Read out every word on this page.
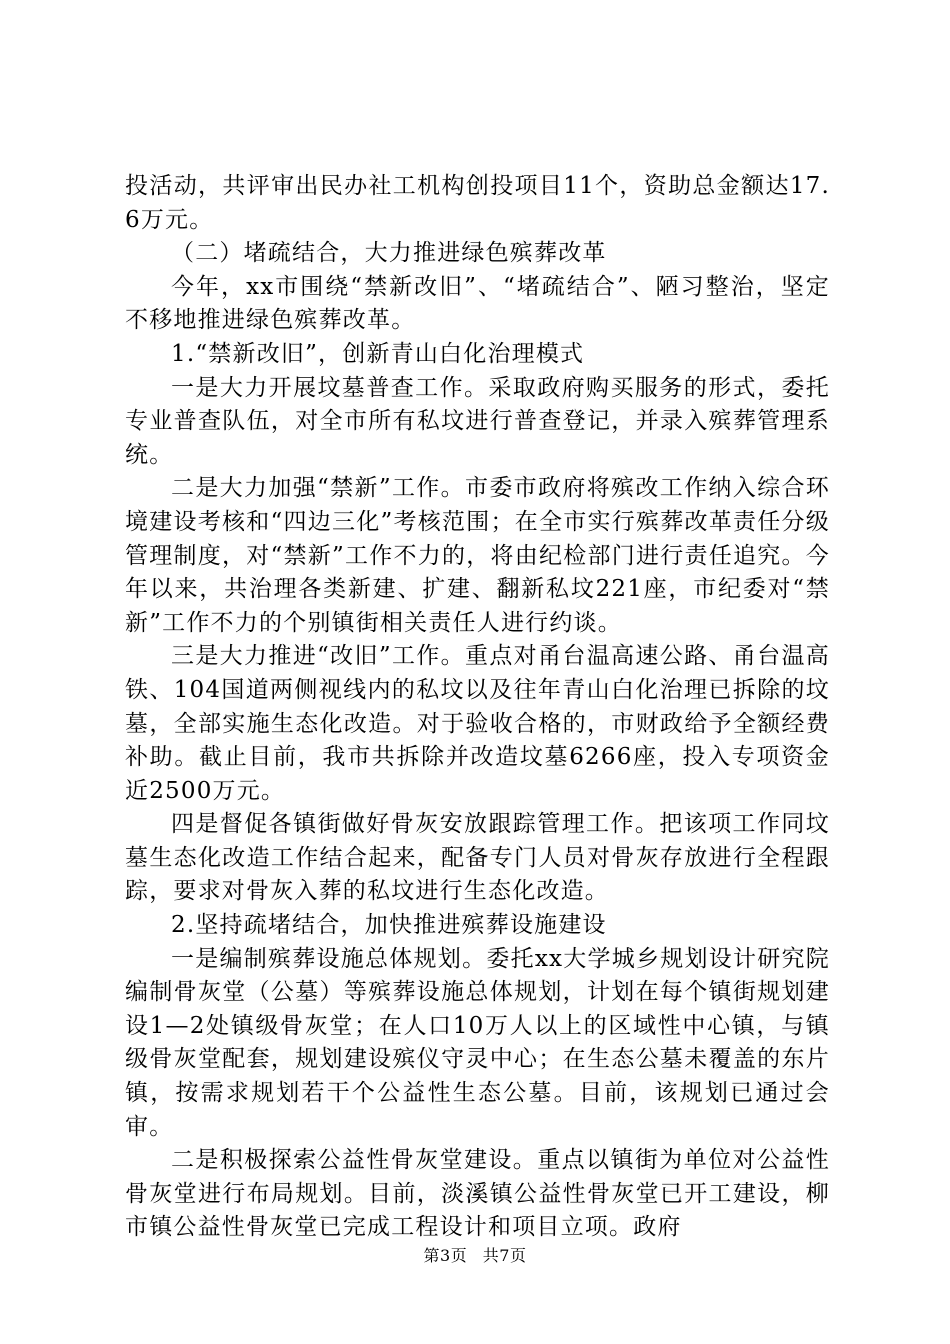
投活动，共评审出民办社工机构创投项目11个，资助总金额达17.6万元。

（二）堵疏结合，大力推进绿色殡葬改革

今年，xx市围绕“禁新改旧”、“堵疏结合”、陋习整治，坚定不移地推进绿色殡葬改革。

1.“禁新改旧”，创新青山白化治理模式

一是大力开展坟墓普查工作。采取政府购买服务的形式，委托专业普查队伍，对全市所有私坟进行普查登记，并录入殡葬管理系统。

二是大力加强“禁新”工作。市委市政府将殡改工作纳入综合环境建设考核和“四边三化”考核范围；在全市实行殡葬改革责任分级管理制度，对“禁新”工作不力的，将由纪检部门进行责任追究。今年以来，共治理各类新建、扩建、翻新私坟221座，市纪委对“禁新”工作不力的个别镇街相关责任人进行约谈。

三是大力推进“改旧”工作。重点对甬台温高速公路、甬台温高铁、104国道两侧视线内的私坟以及往年青山白化治理已拆除的坟墓，全部实施生态化改造。对于验收合格的，市财政给予全额经费补助。截止目前，我市共拆除并改造坟墓6266座，投入专项资金近2500万元。

四是督促各镇街做好骨灰安放跟踪管理工作。把该项工作同坟墓生态化改造工作结合起来，配备专门人员对骨灰存放进行全程跟踪，要求对骨灰入葬的私坟进行生态化改造。

2.坚持疏堵结合，加快推进殡葬设施建设

一是编制殡葬设施总体规划。委托xx大学城乡规划设计研究院编制骨灰堂（公墓）等殡葬设施总体规划，计划在每个镇街规划建设1—2处镇级骨灰堂；在人口10万人以上的区域性中心镇，与镇级骨灰堂配套，规划建设殡仪守灵中心；在生态公墓未覆盖的东片镇，按需求规划若干个公益性生态公墓。目前，该规划已通过会审。

二是积极探索公益性骨灰堂建设。重点以镇街为单位对公益性骨灰堂进行布局规划。目前，淡溪镇公益性骨灰堂已开工建设，柳市镇公益性骨灰堂已完成工程设计和项目立项。政府

第3页 共7页
